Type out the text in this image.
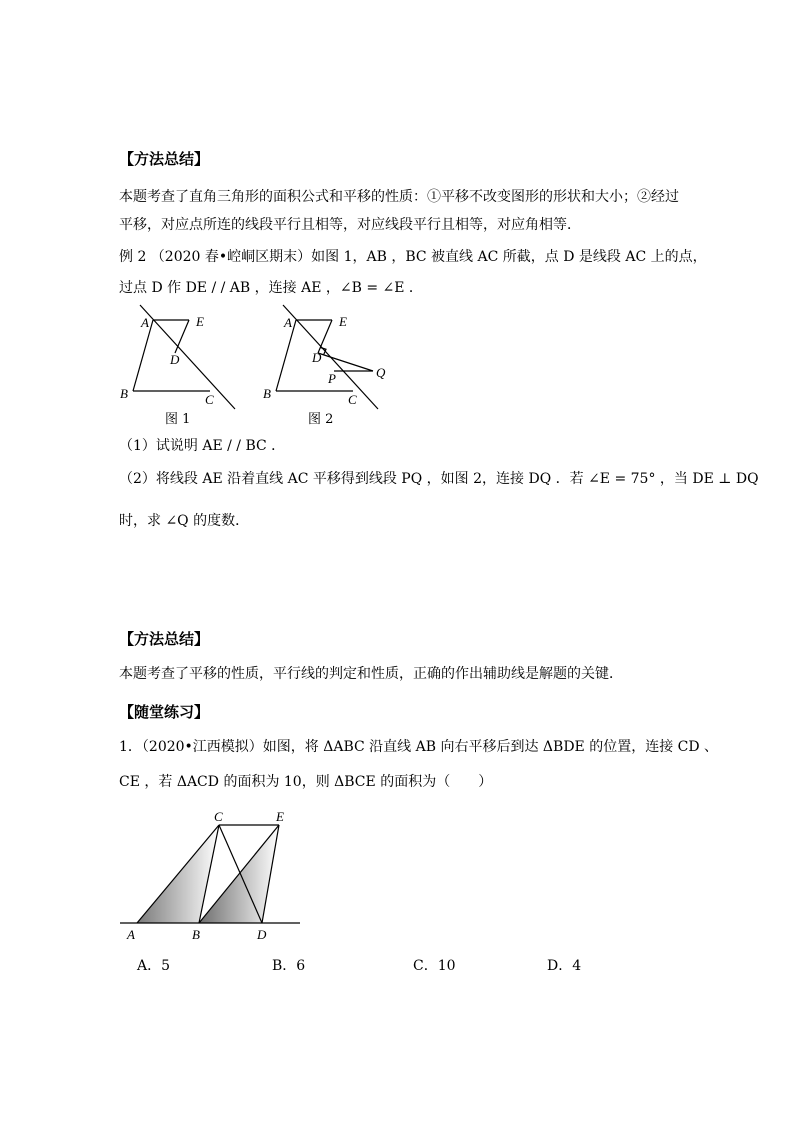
【方法总结】
本题考查了直角三角形的面积公式和平移的性质：①平移不改变图形的形状和大小；②经过
平移，对应点所连的线段平行且相等，对应线段平行且相等，对应角相等．
例 2 （2020 春•崆峒区期末）如图 1，AB ，BC 被直线 AC 所截，点 D 是线段 AC 上的点，
过点 D 作 DE / / AB ，连接 AE ，∠B = ∠E ．
A	E
D
B	C
图 1
A	E
D
P	Q
B	C
图 2
（1）试说明 AE / / BC ．
（2）将线段 AE 沿着直线 AC 平移得到线段 PQ ，如图 2，连接 DQ ．若 ∠E = 75° ，当 DE ⊥ DQ
时，求 ∠Q 的度数．
【方法总结】
本题考查了平移的性质，平行线的判定和性质，正确的作出辅助线是解题的关键．
【随堂练习】
1．（2020•江西模拟）如图，将 ΔABC 沿直线 AB 向右平移后到达 ΔBDE 的位置，连接 CD 、
CE ，若 ΔACD 的面积为 10，则 ΔBCE 的面积为（　　）
C	E
A	B	D
A．5	B．6	C．10	D．4
